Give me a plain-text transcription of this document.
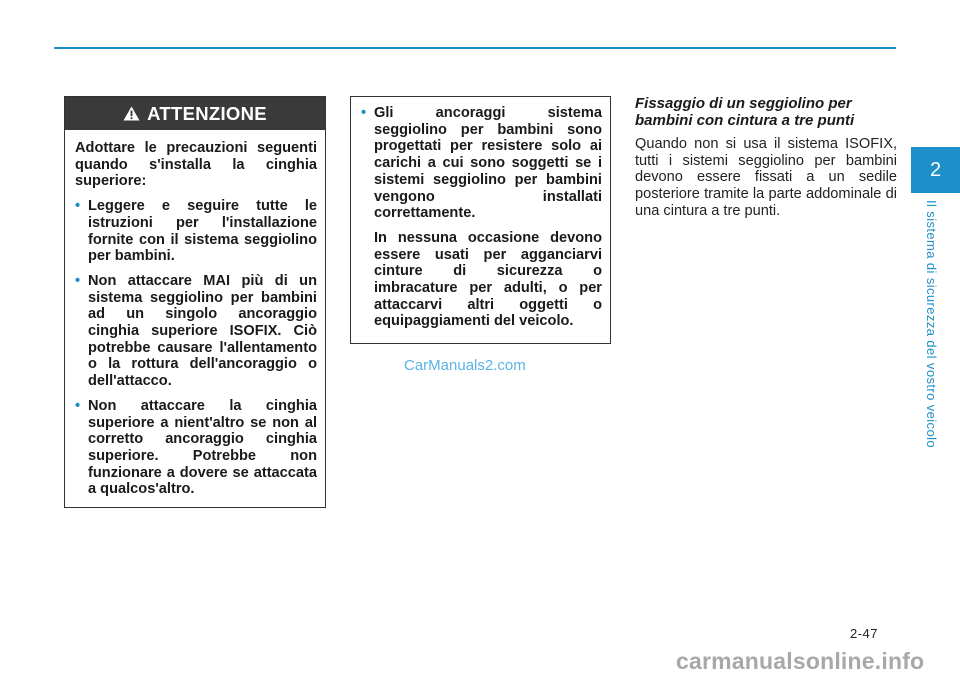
2
Il sistema di sicurezza del vostro veicolo
ATTENZIONE

Adottare le precauzioni seguenti quando s'installa la cinghia superiore:

• Leggere e seguire tutte le istruzioni per l'installazione fornite con il sistema seggiolino per bambini.
• Non attaccare MAI più di un sistema seggiolino per bambini ad un singolo ancoraggio cinghia superiore ISOFIX. Ciò potrebbe causare l'allentamento o la rottura dell'ancoraggio o dell'attacco.
• Non attaccare la cinghia superiore a nient'altro se non al corretto ancoraggio cinghia superiore. Potrebbe non funzionare a dovere se attaccata a qualcos'altro.
• Gli ancoraggi sistema seggiolino per bambini sono progettati per resistere solo ai carichi a cui sono soggetti se i sistemi seggiolino per bambini vengono installati correttamente.

In nessuna occasione devono essere usati per agganciarvi cinture di sicurezza o imbracature per adulti, o per attaccarvi altri oggetti o equipaggiamenti del veicolo.

CarManuals2.com

Fissaggio di un seggiolino per bambini con cintura a tre punti

Quando non si usa il sistema ISOFIX, tutti i sistemi seggiolino per bambini devono essere fissati a un sedile posteriore tramite la parte addominale di una cintura a tre punti.

2-47
carmanualsonline.info
